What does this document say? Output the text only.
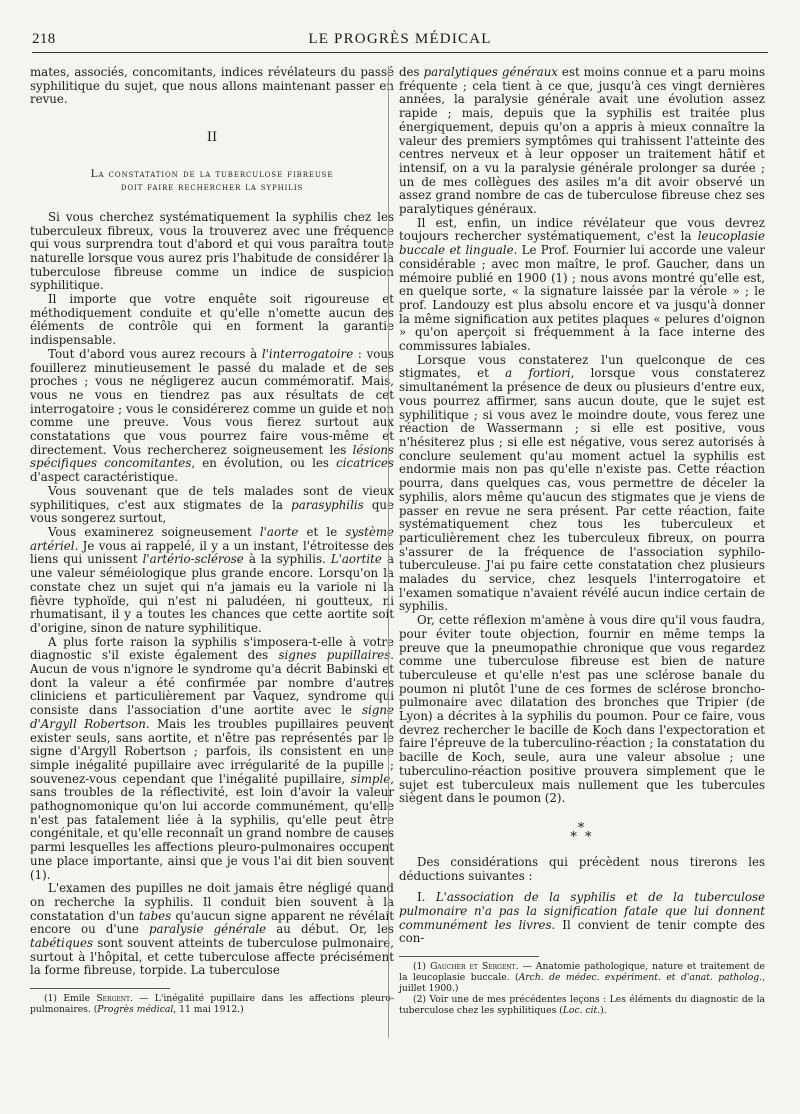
218	LE PROGRÈS MÉDICAL

mates, associés, concomitants, indices révélateurs du passé syphilitique du sujet, que nous allons maintenant passer en revue.

II
La constatation de la tuberculose fibreuse
doit faire rechercher la syphilis

Si vous cherchez systématiquement la syphilis chez les tuberculeux fibreux, vous la trouverez avec une fréquence qui vous surprendra tout d'abord et qui vous paraîtra toute naturelle lorsque vous aurez pris l'habitude de considérer la tuberculose fibreuse comme un indice de suspicion syphilitique.

Il importe que votre enquête soit rigoureuse et méthodiquement conduite et qu'elle n'omette aucun des éléments de contrôle qui en forment la garantie indispensable.

Tout d'abord vous aurez recours à l'interrogatoire : vous fouillerez minutieusement le passé du malade et de ses proches ; vous ne négligerez aucun commémoratif. Mais, vous ne vous en tiendrez pas aux résultats de cet interrogatoire ; vous le considérerez comme un guide et non comme une preuve. Vous vous fierez surtout aux constatations que vous pourrez faire vous-même et directement. Vous rechercherez soigneusement les lésions spécifiques concomitantes, en évolution, ou les cicatrices d'aspect caractéristique.

Vous souvenant que de tels malades sont de vieux syphilitiques, c'est aux stigmates de la parasyphilis que vous songerez surtout,

Vous examinerez soigneusement l'aorte et le système artériel. Je vous ai rappelé, il y a un instant, l'étroitesse des liens qui unissent l'artério-sclérose à la syphilis. L'aortite a une valeur séméiologique plus grande encore. Lorsqu'on la constate chez un sujet qui n'a jamais eu la variole ni la fièvre typhoïde, qui n'est ni paludéen, ni goutteux, ni rhumatisant, il y a toutes les chances que cette aortite soit d'origine, sinon de nature syphilitique.

A plus forte raison la syphilis s'imposera-t-elle à votre diagnostic s'il existe également des signes pupillaires. Aucun de vous n'ignore le syndrome qu'a décrit Babinski et dont la valeur a été confirmée par nombre d'autres cliniciens et particulièrement par Vaquez, syndrome qui consiste dans l'association d'une aortite avec le signe d'Argyll Robertson. Mais les troubles pupillaires peuvent exister seuls, sans aortite, et n'être pas représentés par le signe d'Argyll Robertson ; parfois, ils consistent en une simple inégalité pupillaire avec irrégularité de la pupille ; souvenez-vous cependant que l'inégalité pupillaire, simple, sans troubles de la réflectivité, est loin d'avoir la valeur pathognomonique qu'on lui accorde communément, qu'elle n'est pas fatalement liée à la syphilis, qu'elle peut être congénitale, et qu'elle reconnaît un grand nombre de causes parmi lesquelles les affections pleuro-pulmonaires occupent une place importante, ainsi que je vous l'ai dit bien souvent (1).

L'examen des pupilles ne doit jamais être négligé quand on recherche la syphilis. Il conduit bien souvent à la constatation d'un tabes qu'aucun signe apparent ne révélait encore ou d'une paralysie générale au début. Or, les tabétiques sont souvent atteints de tuberculose pulmonaire, surtout à l'hôpital, et cette tuberculose affecte précisément la forme fibreuse, torpide. La tuberculose

(1) Emile Sergent. — L'inégalité pupillaire dans les affections pleuro-pulmonaires. (Progrès médical, 11 mai 1912.)

des paralytiques généraux est moins connue et a paru moins fréquente ; cela tient à ce que, jusqu'à ces vingt dernières années, la paralysie générale avait une évolution assez rapide ; mais, depuis que la syphilis est traitée plus énergiquement, depuis qu'on a appris à mieux connaître la valeur des premiers symptômes qui trahissent l'atteinte des centres nerveux et à leur opposer un traitement hâtif et intensif, on a vu la paralysie générale prolonger sa durée ; un de mes collègues des asiles m'a dit avoir observé un assez grand nombre de cas de tuberculose fibreuse chez ses paralytiques généraux.

Il est, enfin, un indice révélateur que vous devrez toujours rechercher systématiquement, c'est la leucoplasie buccale et linguale. Le Prof. Fournier lui accorde une valeur considérable ; avec mon maître, le prof. Gaucher, dans un mémoire publié en 1900 (1) ; nous avons montré qu'elle est, en quelque sorte, « la signature laissée par la vérole » ; le prof. Landouzy est plus absolu encore et va jusqu'à donner la même signification aux petites plaques « pelures d'oignon » qu'on aperçoit si fréquemment à la face interne des commissures labiales.

Lorsque vous constaterez l'un quelconque de ces stigmates, et a fortiori, lorsque vous constaterez simultanément la présence de deux ou plusieurs d'entre eux, vous pourrez affirmer, sans aucun doute, que le sujet est syphilitique ; si vous avez le moindre doute, vous ferez une réaction de Wassermann ; si elle est positive, vous n'hésiterez plus ; si elle est négative, vous serez autorisés à conclure seulement qu'au moment actuel la syphilis est endormie mais non pas qu'elle n'existe pas. Cette réaction pourra, dans quelques cas, vous permettre de déceler la syphilis, alors même qu'aucun des stigmates que je viens de passer en revue ne sera présent. Par cette réaction, faite systématiquement chez tous les tuberculeux et particulièrement chez les tuberculeux fibreux, on pourra s'assurer de la fréquence de l'association syphilo-tuberculeuse. J'ai pu faire cette constatation chez plusieurs malades du service, chez lesquels l'interrogatoire et l'examen somatique n'avaient révélé aucun indice certain de syphilis.

Or, cette réflexion m'amène à vous dire qu'il vous faudra, pour éviter toute objection, fournir en même temps la preuve que la pneumopathie chronique que vous regardez comme une tuberculose fibreuse est bien de nature tuberculeuse et qu'elle n'est pas une sclérose banale du poumon ni plutôt l'une de ces formes de sclérose broncho-pulmonaire avec dilatation des bronches que Tripier (de Lyon) a décrites à la syphilis du poumon. Pour ce faire, vous devrez rechercher le bacille de Koch dans l'expectoration et faire l'épreuve de la tuberculino-réaction ; la constatation du bacille de Koch, seule, aura une valeur absolue ; une tuberculino-réaction positive prouvera simplement que le sujet est tuberculeux mais nullement que les tubercules siègent dans le poumon (2).

*
* *

Des considérations qui précèdent nous tirerons les déductions suivantes :

I. L'association de la syphilis et de la tuberculose pulmonaire n'a pas la signification fatale que lui donnent communément les livres. Il convient de tenir compte des con-

(1) Gaucher et Sergent. — Anatomie pathologique, nature et traitement de la leucoplasie buccale. (Arch. de médec. expériment. et d'anat. patholog., juillet 1900.)

(2) Voir une de mes précédentes leçons : Les éléments du diagnostic de la tuberculose chez les syphilitiques (Loc. cit.).
